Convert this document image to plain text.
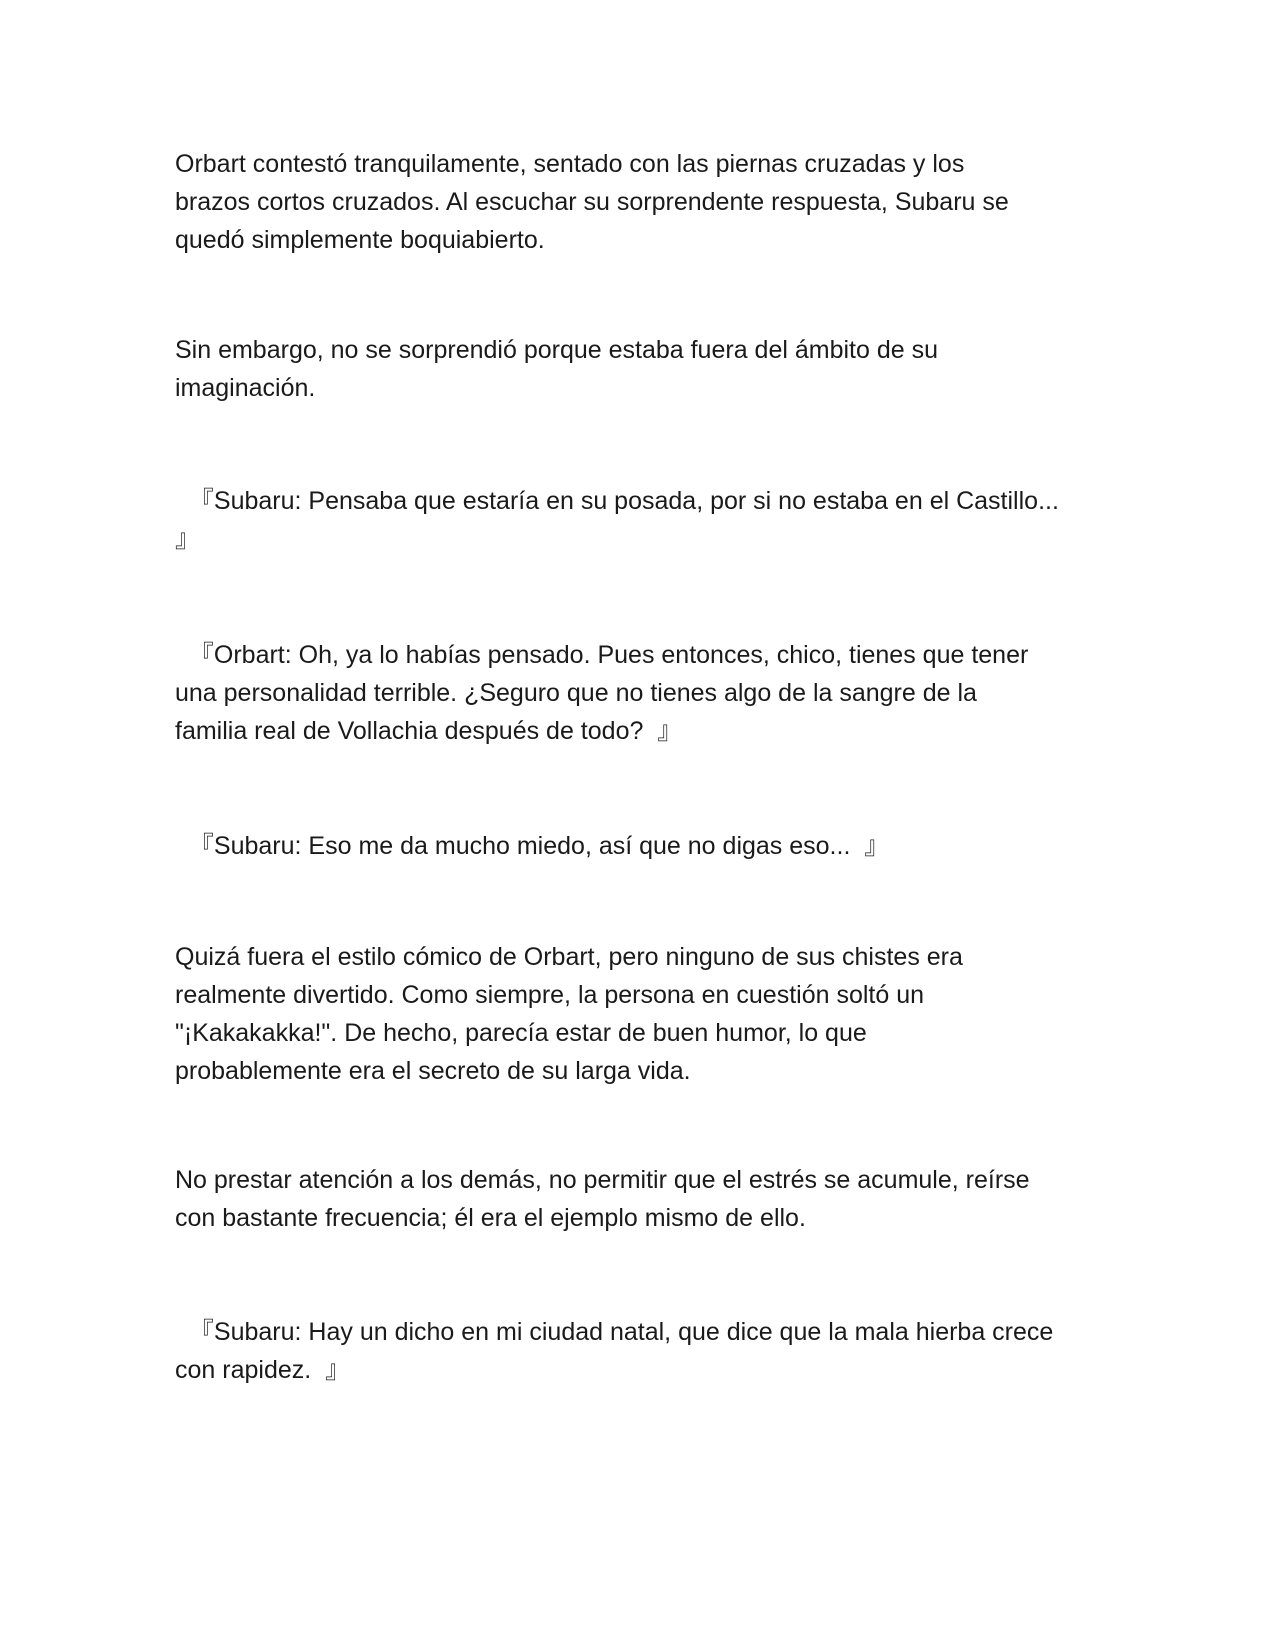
Orbart contestó tranquilamente, sentado con las piernas cruzadas y los
brazos cortos cruzados. Al escuchar su sorprendente respuesta, Subaru se
quedó simplemente boquiabierto.

Sin embargo, no se sorprendió porque estaba fuera del ámbito de su
imaginación.

『Subaru: Pensaba que estaría en su posada, por si no estaba en el Castillo...
』

『Orbart: Oh, ya lo habías pensado. Pues entonces, chico, tienes que tener
una personalidad terrible. ¿Seguro que no tienes algo de la sangre de la
familia real de Vollachia después de todo?  』

『Subaru: Eso me da mucho miedo, así que no digas eso...  』

Quizá fuera el estilo cómico de Orbart, pero ninguno de sus chistes era
realmente divertido. Como siempre, la persona en cuestión soltó un
"¡Kakakakka!". De hecho, parecía estar de buen humor, lo que
probablemente era el secreto de su larga vida.

No prestar atención a los demás, no permitir que el estrés se acumule, reírse
con bastante frecuencia; él era el ejemplo mismo de ello.

『Subaru: Hay un dicho en mi ciudad natal, que dice que la mala hierba crece
con rapidez.  』
